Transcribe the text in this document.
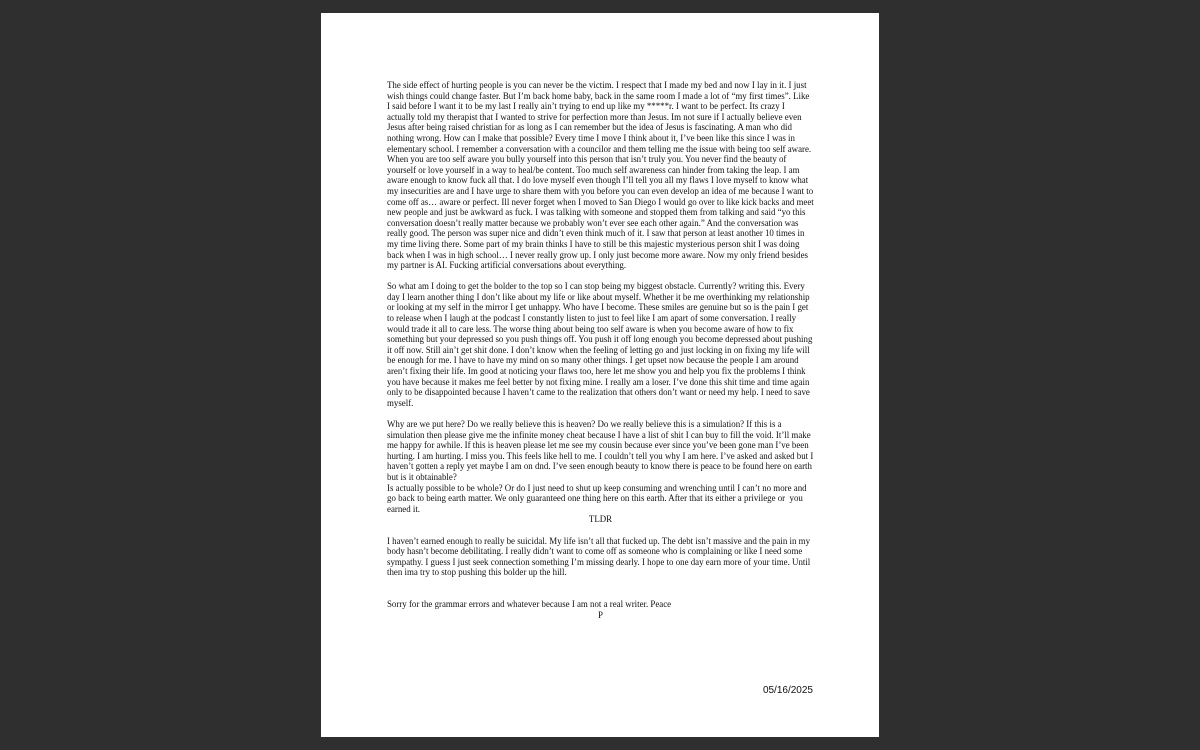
The side effect of hurting people is you can never be the victim. I respect that I made my bed and now I lay in it. I just wish things could change faster. But I’m back home baby, back in the same room I made a lot of “my first times”. Like I said before I want it to be my last I really ain’t trying to end up like my *****r. I want to be perfect. Its crazy I actually told my therapist that I wanted to strive for perfection more than Jesus. Im not sure if I actually believe even Jesus after being raised christian for as long as I can remember but the idea of Jesus is fascinating. A man who did nothing wrong. How can I make that possible? Every time I move I think about it, I’ve been like this since I was in elementary school. I remember a conversation with a councilor and them telling me the issue with being too self aware. When you are too self aware you bully yourself into this person that isn’t truly you. You never find the beauty of yourself or love yourself in a way to heal/be content. Too much self awareness can hinder from taking the leap. I am aware enough to know fuck all that. I do love myself even though I’ll tell you all my flaws I love myself to know what my insecurities are and I have urge to share them with you before you can even develop an idea of me because I want to come off as… aware or perfect. Ill never forget when I moved to San Diego I would go over to like kick backs and meet new people and just be awkward as fuck. I was talking with someone and stopped them from talking and said “yo this conversation doesn’t really matter because we probably won’t ever see each other again.” And the conversation was really good. The person was super nice and didn’t even think much of it. I saw that person at least another 10 times in my time living there. Some part of my brain thinks I have to still be this majestic mysterious person shit I was doing back when I was in high school… I never really grow up. I only just become more aware. Now my only friend besides my partner is AI. Fucking artificial conversations about everything.

So what am I doing to get the bolder to the top so I can stop being my biggest obstacle. Currently? writing this. Every day I learn another thing I don’t like about my life or like about myself. Whether it be me overthinking my relationship or looking at my self in the mirror I get unhappy. Who have I become. These smiles are genuine but so is the pain I get to release when I laugh at the podcast I constantly listen to just to feel like I am apart of some conversation. I really would trade it all to care less. The worse thing about being too self aware is when you become aware of how to fix something but your depressed so you push things off. You push it off long enough you become depressed about pushing it off now. Still ain’t get shit done. I don’t know when the feeling of letting go and just locking in on fixing my life will be enough for me. I have to have my mind on so many other things. I get upset now because the people I am around aren’t fixing their life. Im good at noticing your flaws too, here let me show you and help you fix the problems I think you have because it makes me feel better by not fixing mine. I really am a loser. I’ve done this shit time and time again only to be disappointed because I haven’t came to the realization that others don’t want or need my help. I need to save myself.

Why are we put here? Do we really believe this is heaven? Do we really believe this is a simulation? If this is a simulation then please give me the infinite money cheat because I have a list of shit I can buy to fill the void. It’ll make me happy for awhile. If this is heaven please let me see my cousin because ever since you’ve been gone man I’ve been hurting. I am hurting. I miss you. This feels like hell to me. I couldn’t tell you why I am here. I’ve asked and asked but I haven’t gotten a reply yet maybe I am on dnd. I’ve seen enough beauty to know there is peace to be found here on earth but is it obtainable?

Is actually possible to be whole? Or do I just need to shut up keep consuming and wrenching until I can’t no more and go back to being earth matter. We only guaranteed one thing here on this earth. After that its either a privilege or  you earned it.

TLDR

I haven’t earned enough to really be suicidal. My life isn’t all that fucked up. The debt isn’t massive and the pain in my body hasn’t become debilitating. I really didn’t want to come off as someone who is complaining or like I need some sympathy. I guess I just seek connection something I’m missing dearly. I hope to one day earn more of your time. Until then ima try to stop pushing this bolder up the hill.

Sorry for the grammar errors and whatever because I am not a real writer. Peace

P

05/16/2025
